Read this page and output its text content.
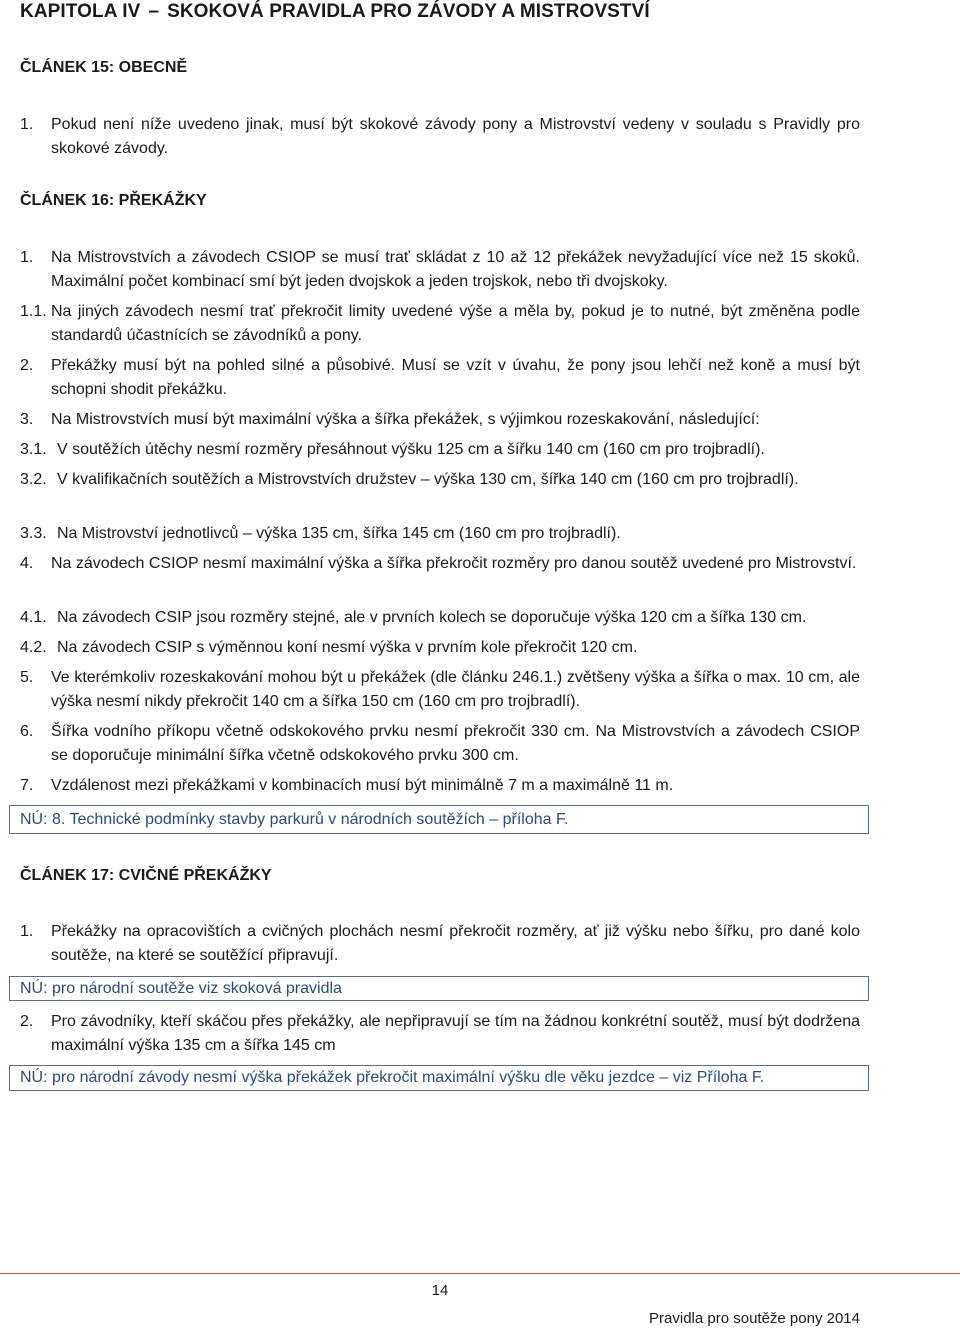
KAPITOLA IV – SKOKOVÁ PRAVIDLA PRO ZÁVODY A MISTROVSTVÍ
ČLÁNEK 15: OBECNĚ
1.	Pokud není níže uvedeno jinak, musí být skokové závody pony a Mistrovství vedeny v souladu s Pravidly pro skokové závody.
ČLÁNEK 16: PŘEKÁŽKY
1.	Na Mistrovstvích a závodech CSIOP se musí trať skládat z 10 až 12 překážek nevyžadující více než 15 skoků. Maximální počet kombinací smí být jeden dvojskok a jeden trojskok, nebo tři dvojskoky.
1.1. Na jiných závodech nesmí trať překročit limity uvedené výše a měla by, pokud je to nutné, být změněna podle standardů účastnících se závodníků a pony.
2.	Překážky musí být na pohled silné a působivé. Musí se vzít v úvahu, že pony jsou lehčí než koně a musí být schopni shodit překážku.
3.	Na Mistrovstvích musí být maximální výška a šířka překážek, s výjimkou rozeskakování, následující:
3.1. V soutěžích útěchy nesmí rozměry přesáhnout výšku 125 cm a šířku 140 cm (160 cm pro trojbradlí).
3.2. V kvalifikačních soutěžích a Mistrovstvích družstev – výška 130 cm, šířka 140 cm (160 cm pro trojbradlí).
3.3. Na Mistrovství jednotlivců – výška 135 cm, šířka 145 cm (160 cm pro trojbradlí).
4.	Na závodech CSIOP nesmí maximální výška a šířka překročit rozměry pro danou soutěž uvedené pro Mistrovství.
4.1. Na závodech CSIP jsou rozměry stejné, ale v prvních kolech se doporučuje výška 120 cm a šířka 130 cm.
4.2. Na závodech CSIP s výměnnou koní nesmí výška v prvním kole překročit 120 cm.
5.	Ve kterémkoliv rozeskakování mohou být u překážek (dle článku 246.1.) zvětšeny výška a šířka o max. 10 cm, ale výška nesmí nikdy překročit 140 cm a šířka 150 cm (160 cm pro trojbradlí).
6.	Šířka vodního příkopu včetně odskokového prvku nesmí překročit 330 cm. Na Mistrovstvích a závodech CSIOP se doporučuje minimální šířka včetně odskokového prvku 300 cm.
7.	Vzdálenost mezi překážkami v kombinacích musí být minimálně 7 m a maximálně 11 m.
NÚ: 8. Technické podmínky stavby parkurů v národních soutěžích – příloha F.
ČLÁNEK 17: CVIČNÉ PŘEKÁŽKY
1.	Překážky na opracovištích a cvičných plochách nesmí překročit rozměry, ať již výšku nebo šířku, pro dané kolo soutěže, na které se soutěžící připravují.
NÚ: pro národní soutěže viz skoková pravidla
2.	Pro závodníky, kteří skáčou přes překážky, ale nepřipravují se tím na žádnou konkrétní soutěž, musí být dodržena maximální výška 135 cm a šířka 145 cm
NÚ: pro národní závody nesmí výška překážek překročit maximální výšku dle věku jezdce – viz Příloha F.
14
Pravidla pro soutěže pony 2014
